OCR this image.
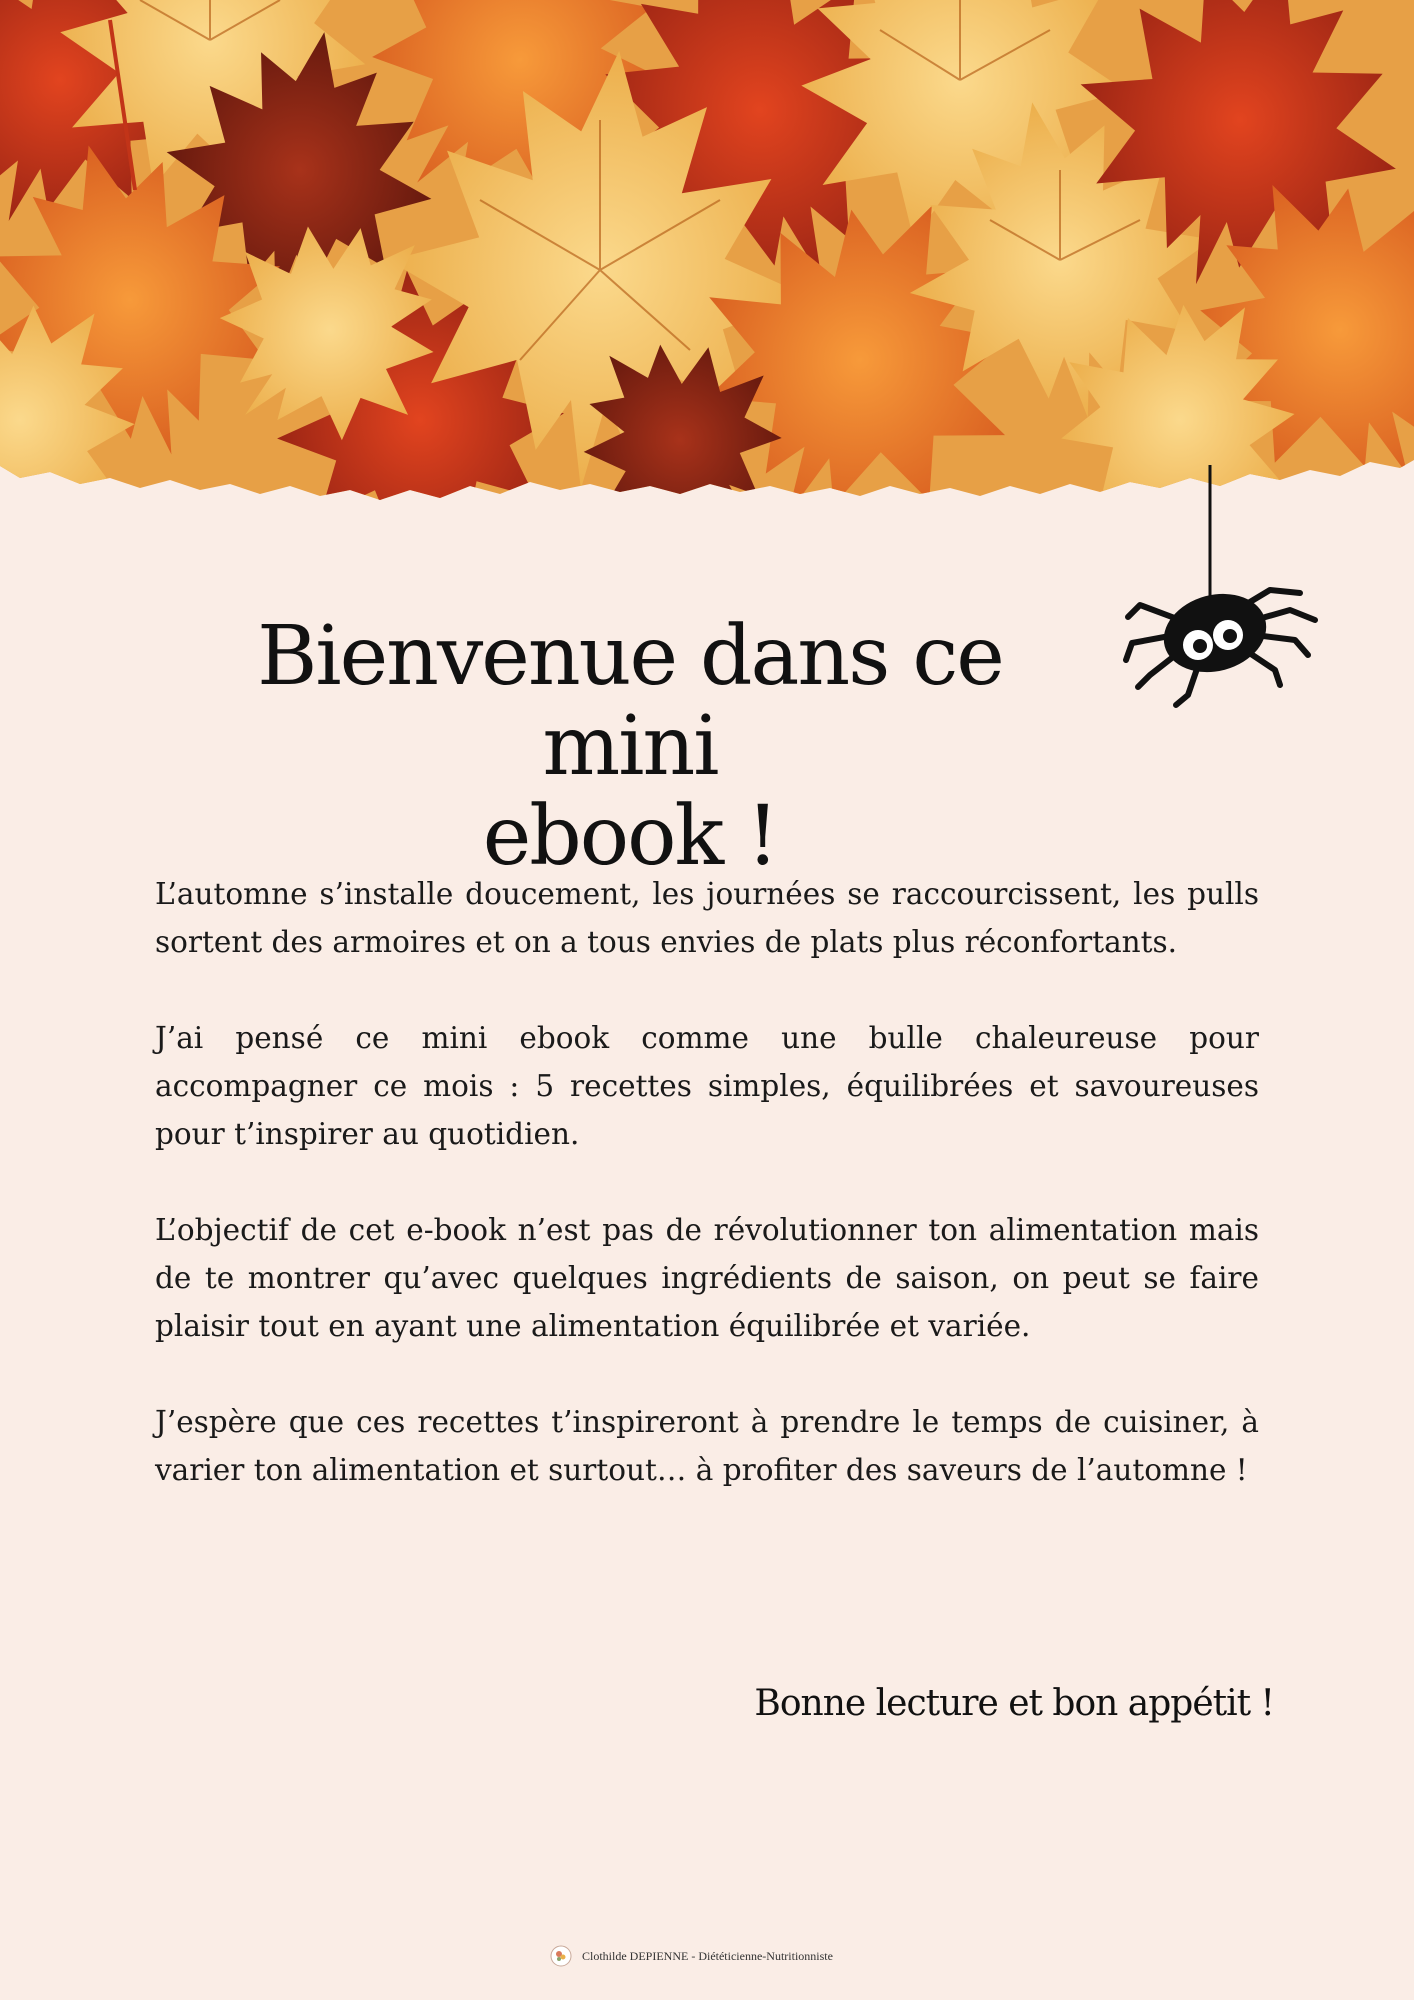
Bienvenue dans ce mini
ebook !

L’automne s’installe doucement, les journées se raccourcissent, les pulls sortent des armoires et on a tous envies de plats plus réconfortants.

J’ai pensé ce mini ebook comme une bulle chaleureuse pour accompagner ce mois : 5 recettes simples, équilibrées et savoureuses pour t’inspirer au quotidien.

L’objectif de cet e-book n’est pas de révolutionner ton alimentation mais de te montrer qu’avec quelques ingrédients de saison, on peut se faire plaisir tout en ayant une alimentation équilibrée et variée.

J’espère que ces recettes t’inspireront à prendre le temps de cuisiner, à varier ton alimentation et surtout… à profiter des saveurs de l’automne !

Bonne lecture et bon appétit !

Clothilde DEPIENNE - Diététicienne-Nutritionniste
